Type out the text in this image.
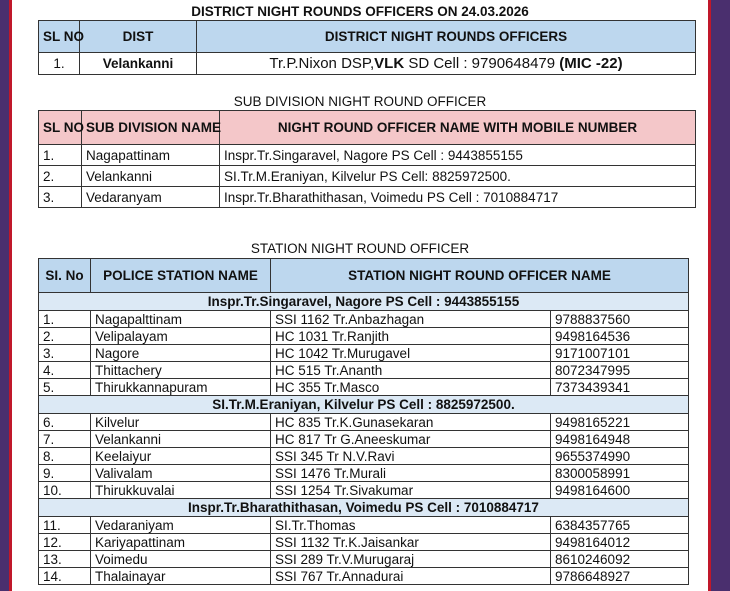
DISTRICT NIGHT ROUNDS OFFICERS ON 24.03.2026
SL NO	DIST	DISTRICT NIGHT ROUNDS OFFICERS
1.	Velankanni	Tr.P.Nixon DSP,VLK SD Cell : 9790648479 (MIC -22)
SUB DIVISION NIGHT ROUND OFFICER
SL NO	SUB DIVISION NAME	NIGHT ROUND OFFICER NAME WITH MOBILE NUMBER
1.	Nagapattinam	Inspr.Tr.Singaravel, Nagore PS Cell : 9443855155
2.	Velankanni	SI.Tr.M.Eraniyan, Kilvelur PS Cell: 8825972500.
3.	Vedaranyam	Inspr.Tr.Bharathithasan, Voimedu PS Cell : 7010884717
STATION NIGHT ROUND OFFICER
SI. No	POLICE STATION NAME	STATION NIGHT ROUND OFFICER NAME	
Inspr.Tr.Singaravel, Nagore PS Cell : 9443855155			
1.	Nagapalttinam	SSI 1162 Tr.Anbazhagan	9788837560
2.	Velipalayam	HC 1031 Tr.Ranjith	9498164536
3.	Nagore	HC 1042 Tr.Murugavel	9171007101
4.	Thittachery	HC 515 Tr.Ananth	8072347995
5.	Thirukkannapuram	HC 355 Tr.Masco	7373439341
SI.Tr.M.Eraniyan, Kilvelur PS Cell : 8825972500.			
6.	Kilvelur	HC 835 Tr.K.Gunasekaran	9498165221
7.	Velankanni	HC 817 Tr G.Aneeskumar	9498164948
8.	Keelaiyur	SSI 345 Tr N.V.Ravi	9655374990
9.	Valivalam	SSI 1476 Tr.Murali	8300058991
10.	Thirukkuvalai	SSI 1254 Tr.Sivakumar	9498164600
Inspr.Tr.Bharathithasan, Voimedu PS Cell : 7010884717			
11.	Vedaraniyam	SI.Tr.Thomas	6384357765
12.	Kariyapattinam	SSI 1132 Tr.K.Jaisankar	9498164012
13.	Voimedu	SSI 289 Tr.V.Murugaraj	8610246092
14.	Thalainayar	SSI 767 Tr.Annadurai	9786648927
